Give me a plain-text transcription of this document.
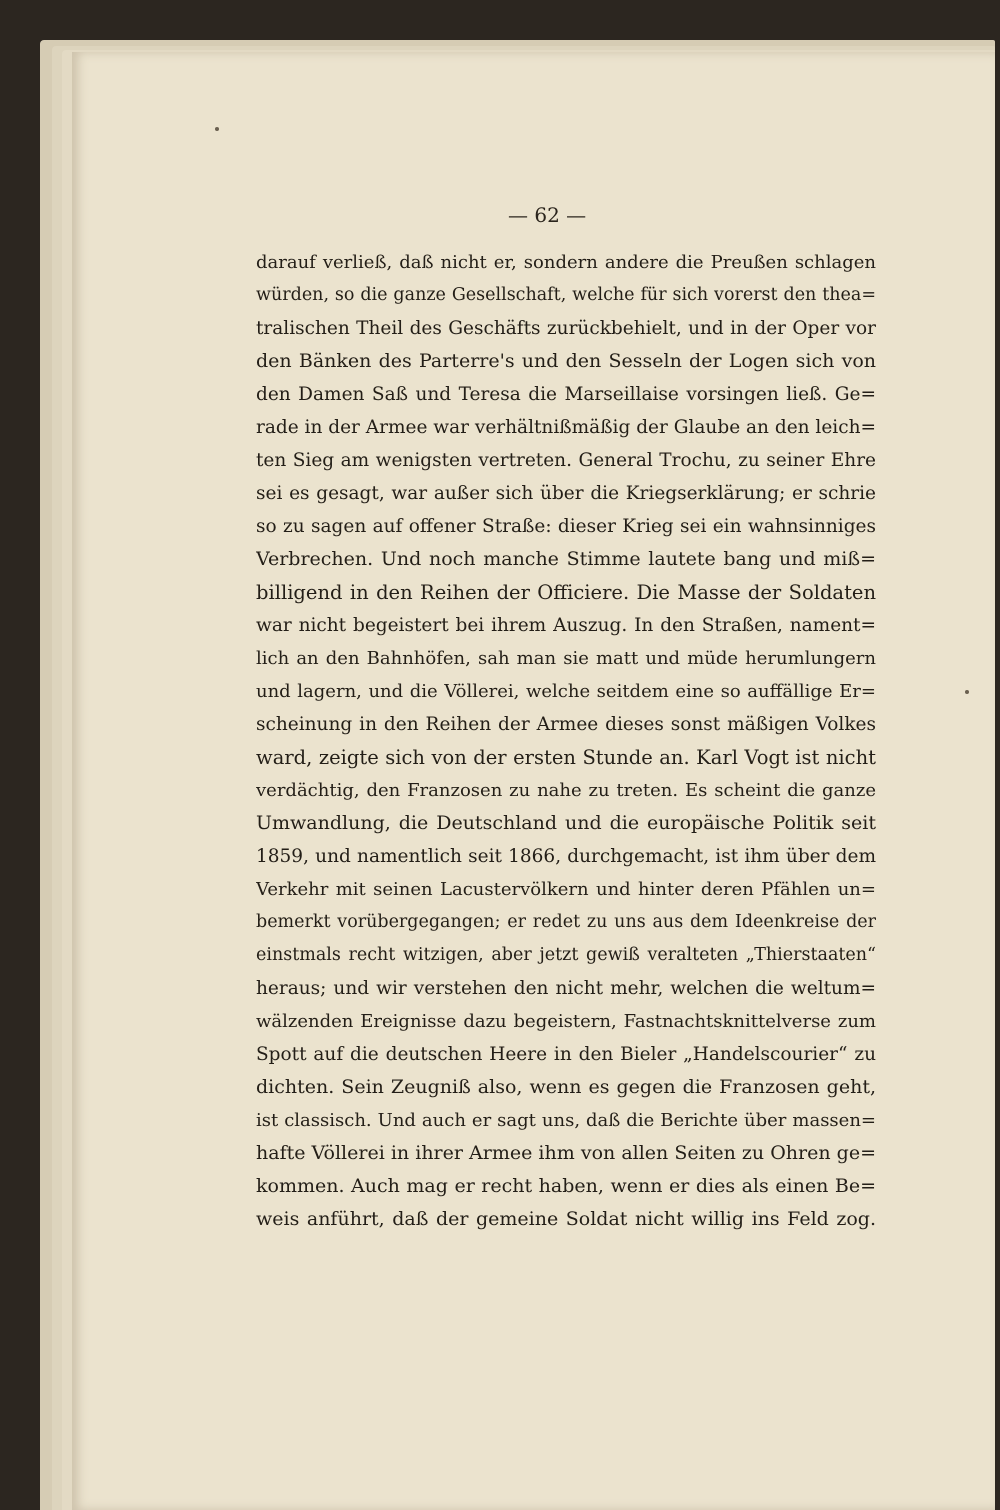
— 62 —
darauf verließ, daß nicht er, sondern andere die Preußen schlagen
würden, so die ganze Gesellschaft, welche für sich vorerst den thea=
tralischen Theil des Geschäfts zurückbehielt, und in der Oper vor
den Bänken des Parterre's und den Sesseln der Logen sich von
den Damen Saß und Teresa die Marseillaise vorsingen ließ. Ge=
rade in der Armee war verhältnißmäßig der Glaube an den leich=
ten Sieg am wenigsten vertreten. General Trochu, zu seiner Ehre
sei es gesagt, war außer sich über die Kriegserklärung; er schrie
so zu sagen auf offener Straße: dieser Krieg sei ein wahnsinniges
Verbrechen. Und noch manche Stimme lautete bang und miß=
billigend in den Reihen der Officiere. Die Masse der Soldaten
war nicht begeistert bei ihrem Auszug. In den Straßen, nament=
lich an den Bahnhöfen, sah man sie matt und müde herumlungern
und lagern, und die Völlerei, welche seitdem eine so auffällige Er=
scheinung in den Reihen der Armee dieses sonst mäßigen Volkes
ward, zeigte sich von der ersten Stunde an. Karl Vogt ist nicht
verdächtig, den Franzosen zu nahe zu treten. Es scheint die ganze
Umwandlung, die Deutschland und die europäische Politik seit
1859, und namentlich seit 1866, durchgemacht, ist ihm über dem
Verkehr mit seinen Lacustervölkern und hinter deren Pfählen un=
bemerkt vorübergegangen; er redet zu uns aus dem Ideenkreise der
einstmals recht witzigen, aber jetzt gewiß veralteten „Thierstaaten“
heraus; und wir verstehen den nicht mehr, welchen die weltum=
wälzenden Ereignisse dazu begeistern, Fastnachtsknittelverse zum
Spott auf die deutschen Heere in den Bieler „Handelscourier“ zu
dichten. Sein Zeugniß also, wenn es gegen die Franzosen geht,
ist classisch. Und auch er sagt uns, daß die Berichte über massen=
hafte Völlerei in ihrer Armee ihm von allen Seiten zu Ohren ge=
kommen. Auch mag er recht haben, wenn er dies als einen Be=
weis anführt, daß der gemeine Soldat nicht willig ins Feld zog.
